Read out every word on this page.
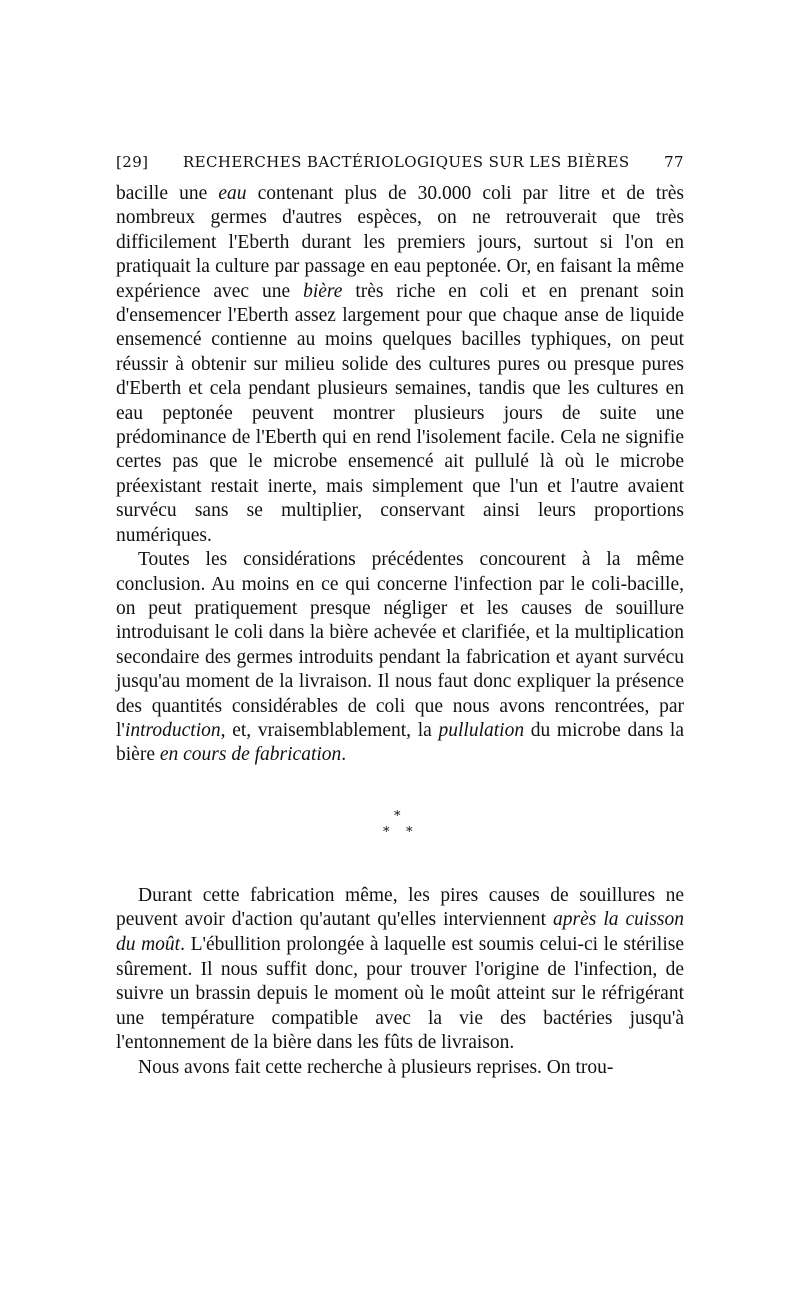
[29]	RECHERCHES BACTÉRIOLOGIQUES SUR LES BIÈRES	77

bacille une eau contenant plus de 30.000 coli par litre et de très nombreux germes d'autres espèces, on ne retrouverait que très difficilement l'Eberth durant les premiers jours, surtout si l'on en pratiquait la culture par passage en eau peptonée. Or, en faisant la même expérience avec une bière très riche en coli et en prenant soin d'ensemencer l'Eberth assez largement pour que chaque anse de liquide ensemencé contienne au moins quelques bacilles typhiques, on peut réussir à obtenir sur milieu solide des cultures pures ou presque pures d'Eberth et cela pendant plusieurs semaines, tandis que les cultures en eau peptonée peuvent montrer plusieurs jours de suite une prédominance de l'Eberth qui en rend l'isolement facile. Cela ne signifie certes pas que le microbe ensemencé ait pullulé là où le microbe préexistant restait inerte, mais simplement que l'un et l'autre avaient survécu sans se multiplier, conservant ainsi leurs proportions numériques.

Toutes les considérations précédentes concourent à la même conclusion. Au moins en ce qui concerne l'infection par le coli-bacille, on peut pratiquement presque négliger et les causes de souillure introduisant le coli dans la bière achevée et clarifiée, et la multiplication secondaire des germes introduits pendant la fabrication et ayant survécu jusqu'au moment de la livraison. Il nous faut donc expliquer la présence des quantités considérables de coli que nous avons rencontrées, par l'introduction, et, vraisemblablement, la pullulation du microbe dans la bière en cours de fabrication.

*
* *

Durant cette fabrication même, les pires causes de souillures ne peuvent avoir d'action qu'autant qu'elles interviennent après la cuisson du moût. L'ébullition prolongée à laquelle est soumis celui-ci le stérilise sûrement. Il nous suffit donc, pour trouver l'origine de l'infection, de suivre un brassin depuis le moment où le moût atteint sur le réfrigérant une température compatible avec la vie des bactéries jusqu'à l'entonnement de la bière dans les fûts de livraison.

Nous avons fait cette recherche à plusieurs reprises. On trou-
